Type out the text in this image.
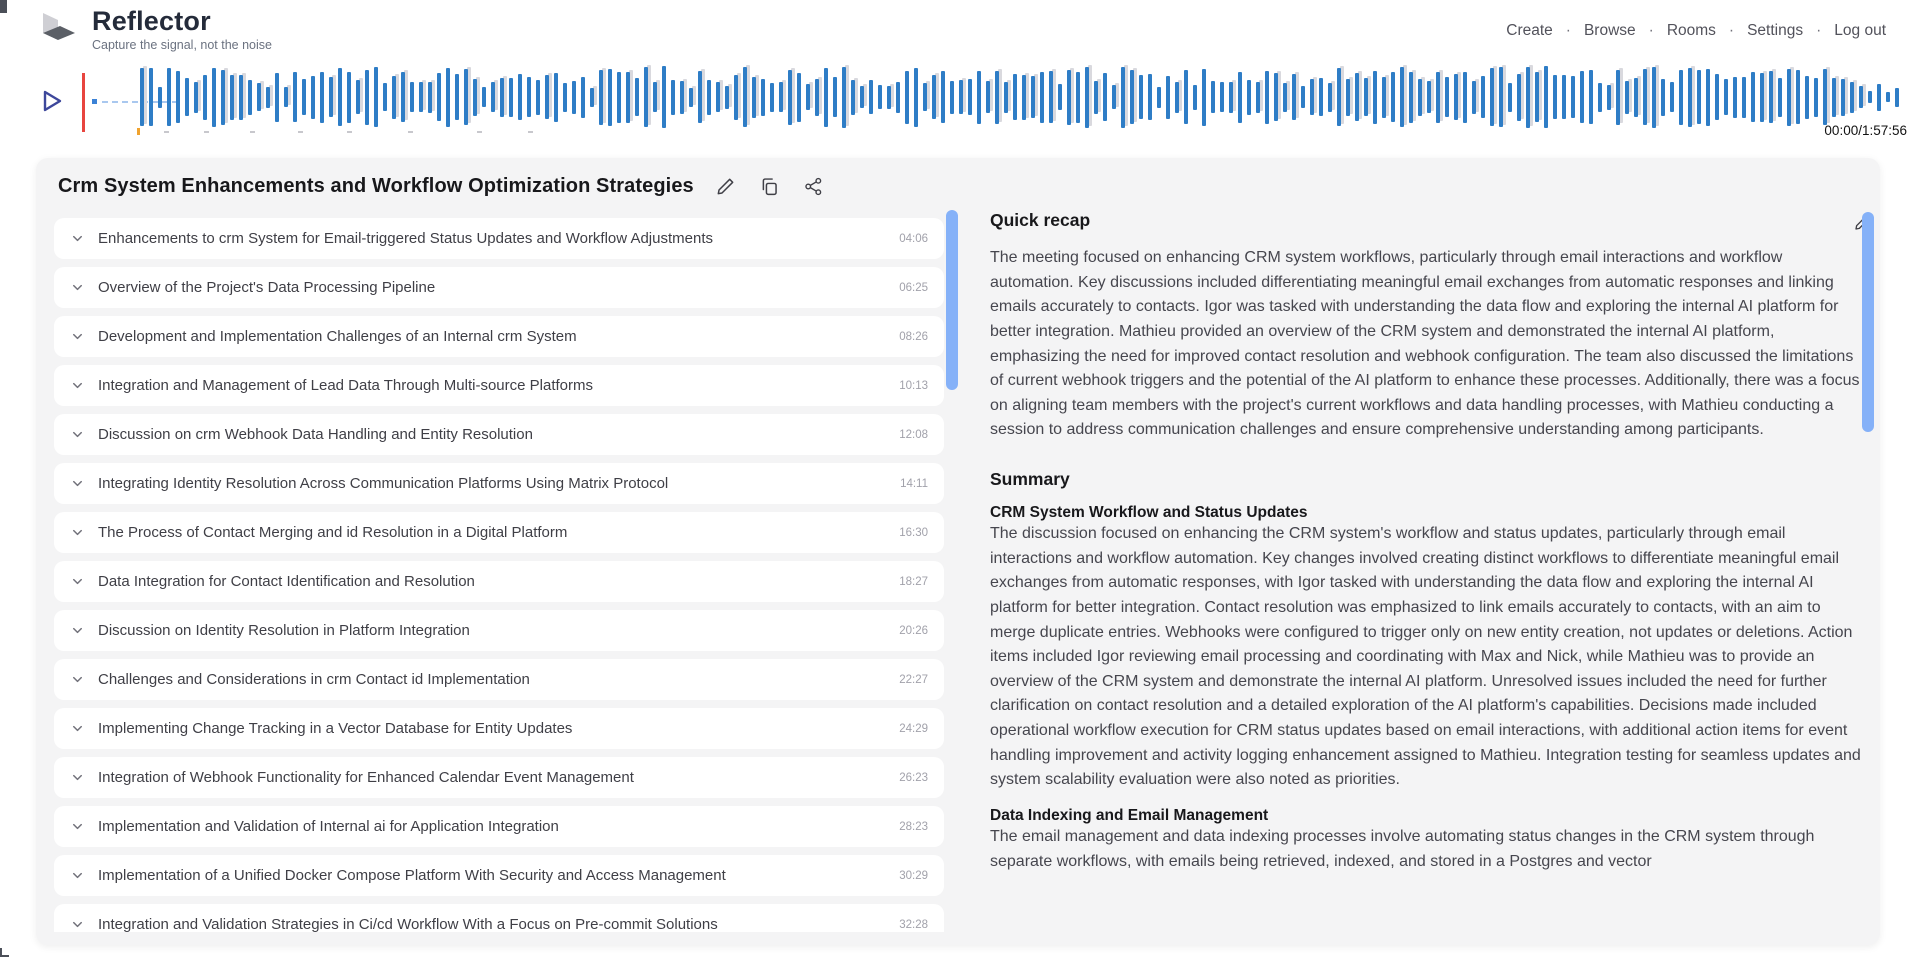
Reflector
Capture the signal, not the noise
Create · Browse · Rooms · Settings · Log out
00:00/1:57:56
Crm System Enhancements and Workflow Optimization Strategies
Enhancements to crm System for Email-triggered Status Updates and Workflow Adjustments	04:06
Overview of the Project's Data Processing Pipeline	06:25
Development and Implementation Challenges of an Internal crm System	08:26
Integration and Management of Lead Data Through Multi-source Platforms	10:13
Discussion on crm Webhook Data Handling and Entity Resolution	12:08
Integrating Identity Resolution Across Communication Platforms Using Matrix Protocol	14:11
The Process of Contact Merging and id Resolution in a Digital Platform	16:30
Data Integration for Contact Identification and Resolution	18:27
Discussion on Identity Resolution in Platform Integration	20:26
Challenges and Considerations in crm Contact id Implementation	22:27
Implementing Change Tracking in a Vector Database for Entity Updates	24:29
Integration of Webhook Functionality for Enhanced Calendar Event Management	26:23
Implementation and Validation of Internal ai for Application Integration	28:23
Implementation of a Unified Docker Compose Platform With Security and Access Management	30:29
Integration and Validation Strategies in Ci/cd Workflow With a Focus on Pre-commit Solutions	32:28
Quick recap
The meeting focused on enhancing CRM system workflows, particularly through email interactions and workflow automation. Key discussions included differentiating meaningful email exchanges from automatic responses and linking emails accurately to contacts. Igor was tasked with understanding the data flow and exploring the internal AI platform for better integration. Mathieu provided an overview of the CRM system and demonstrated the internal AI platform, emphasizing the need for improved contact resolution and webhook configuration. The team also discussed the limitations of current webhook triggers and the potential of the AI platform to enhance these processes. Additionally, there was a focus on aligning team members with the project's current workflows and data handling processes, with Mathieu conducting a session to address communication challenges and ensure comprehensive understanding among participants.
Summary
CRM System Workflow and Status Updates
The discussion focused on enhancing the CRM system's workflow and status updates, particularly through email interactions and workflow automation. Key changes involved creating distinct workflows to differentiate meaningful email exchanges from automatic responses, with Igor tasked with understanding the data flow and exploring the internal AI platform for better integration. Contact resolution was emphasized to link emails accurately to contacts, with an aim to merge duplicate entries. Webhooks were configured to trigger only on new entity creation, not updates or deletions. Action items included Igor reviewing email processing and coordinating with Max and Nick, while Mathieu was to provide an overview of the CRM system and demonstrate the internal AI platform. Unresolved issues included the need for further clarification on contact resolution and a detailed exploration of the AI platform's capabilities. Decisions made included operational workflow execution for CRM status updates based on email interactions, with additional action items for event handling improvement and activity logging enhancement assigned to Mathieu. Integration testing for seamless updates and system scalability evaluation were also noted as priorities.
Data Indexing and Email Management
The email management and data indexing processes involve automating status changes in the CRM system through separate workflows, with emails being retrieved, indexed, and stored in a Postgres and vector
